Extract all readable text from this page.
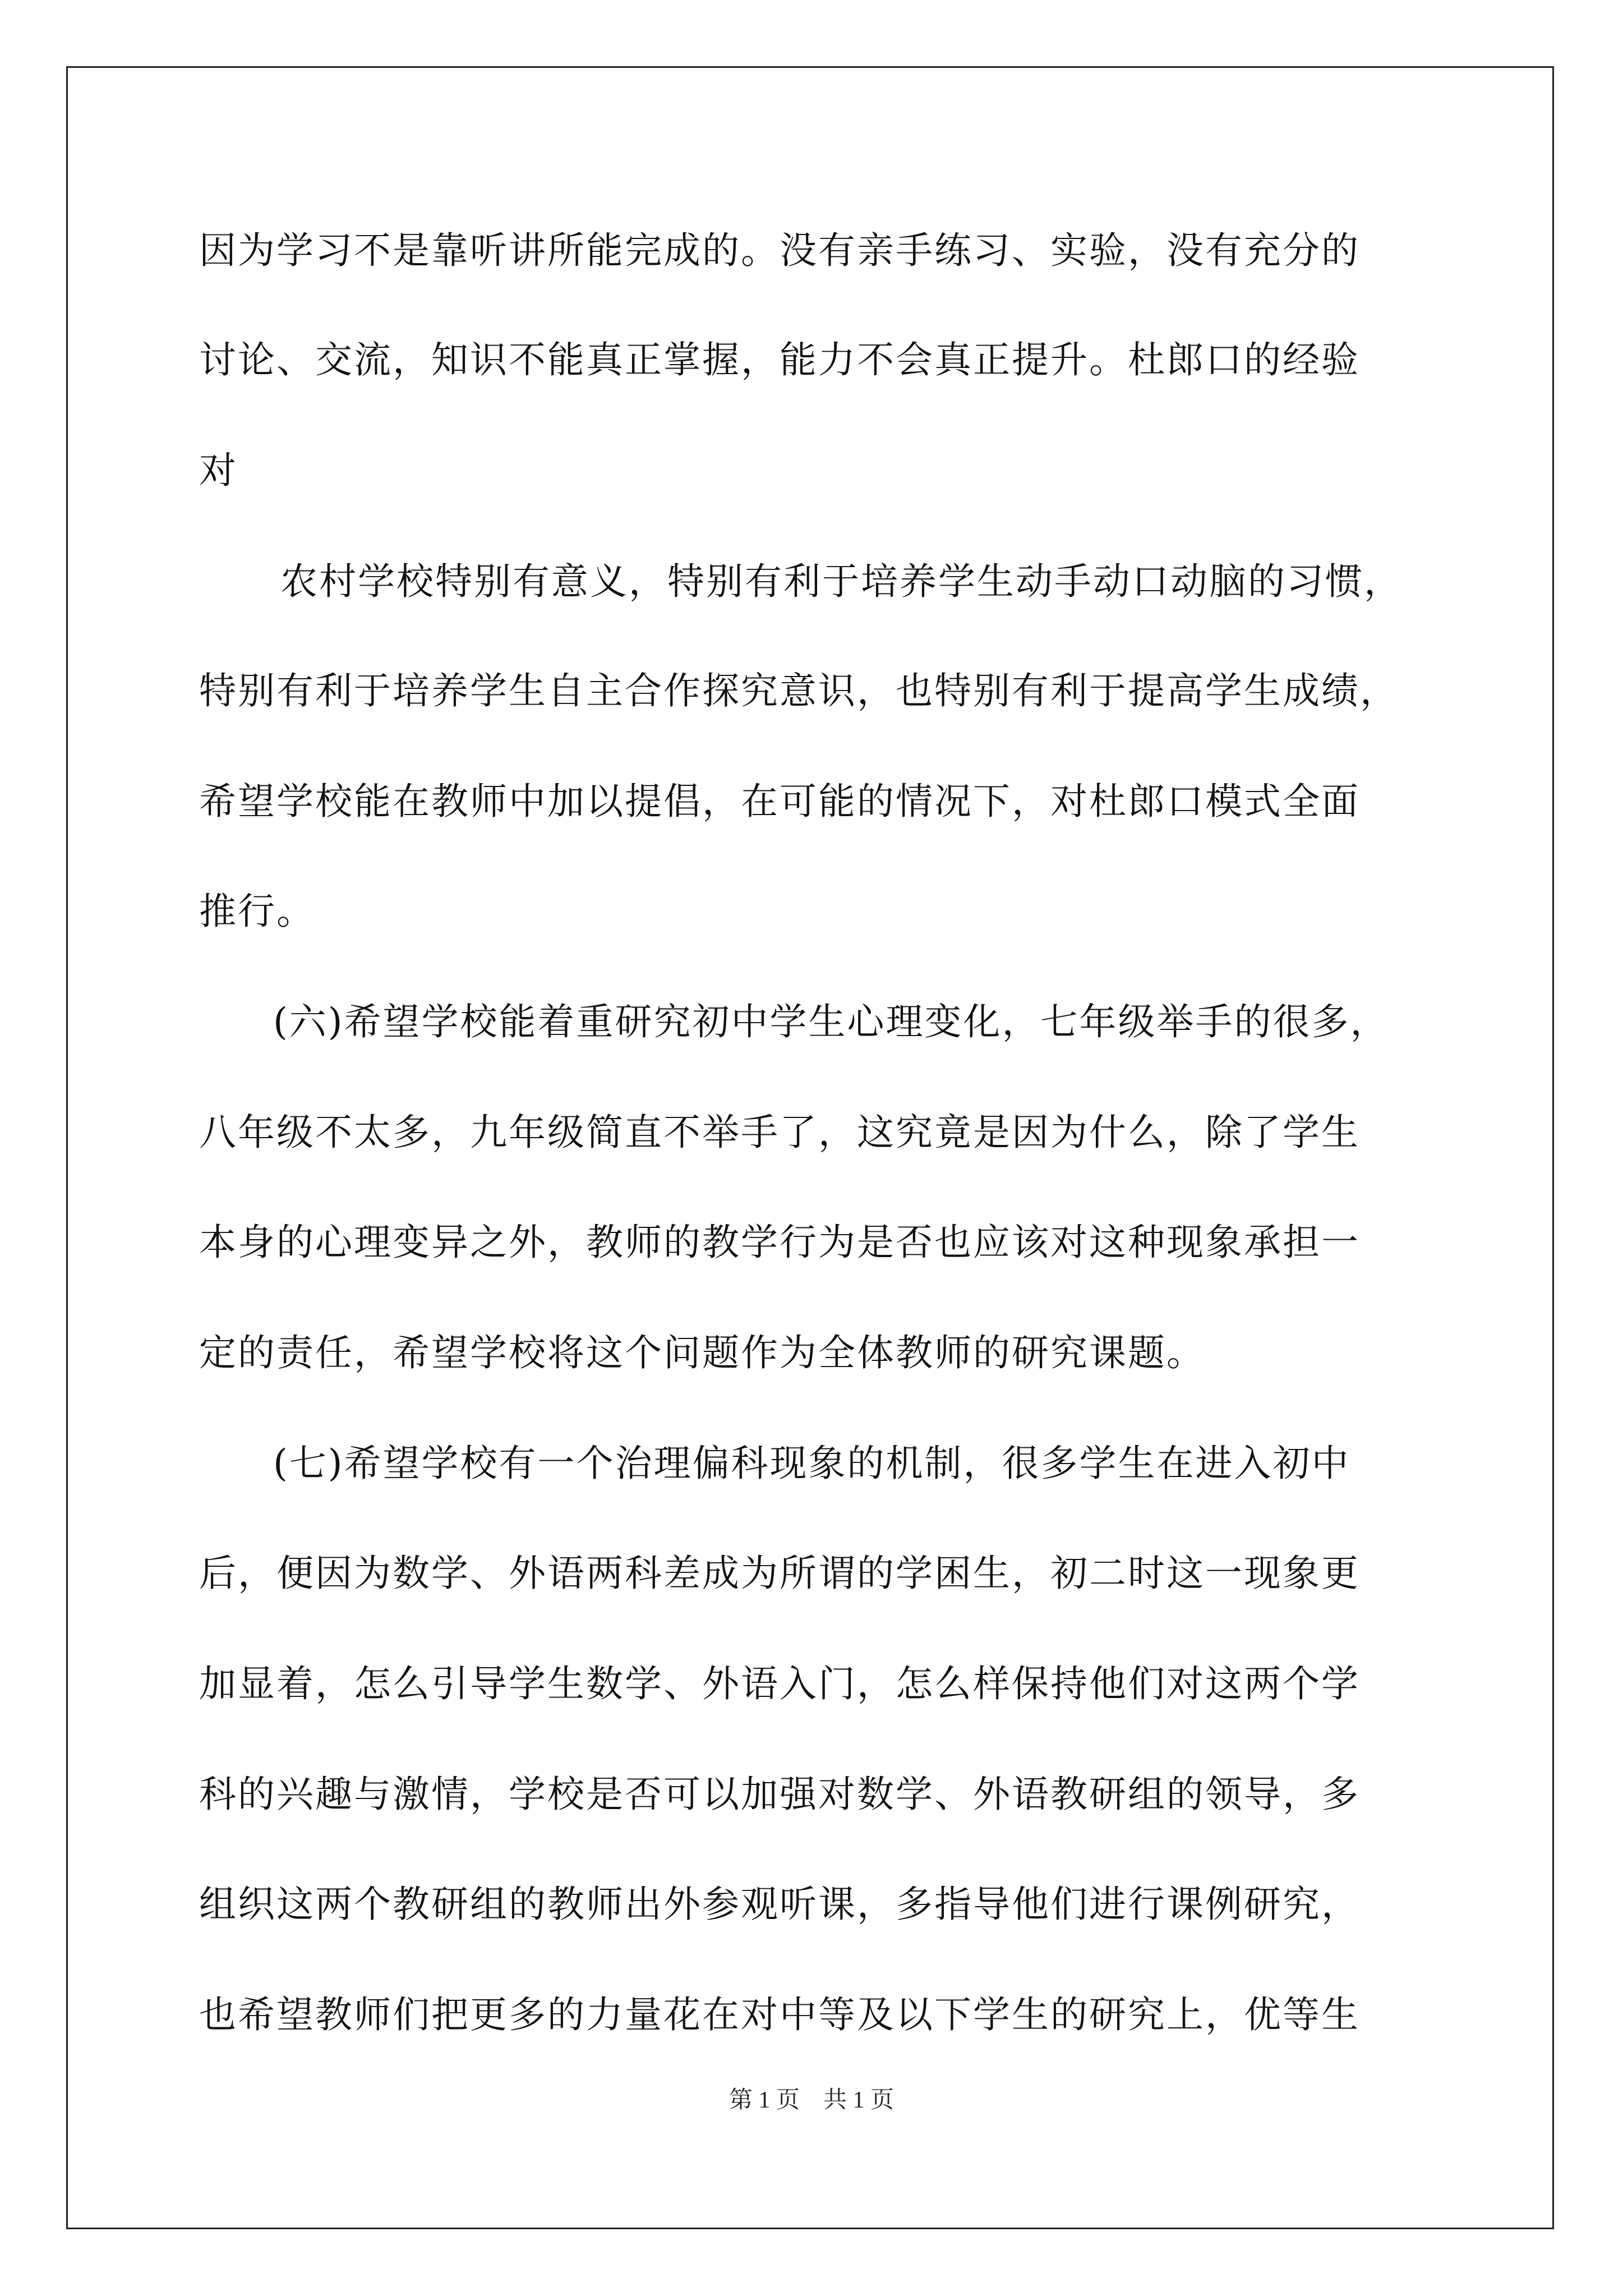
因为学习不是靠听讲所能完成的。没有亲手练习、实验，没有充分的
讨论、交流，知识不能真正掌握，能力不会真正提升。杜郎口的经验
对
农村学校特别有意义，特别有利于培养学生动手动口动脑的习惯，
特别有利于培养学生自主合作探究意识，也特别有利于提高学生成绩，
希望学校能在教师中加以提倡，在可能的情况下，对杜郎口模式全面
推行。
(六)希望学校能着重研究初中学生心理变化，七年级举手的很多，
八年级不太多，九年级简直不举手了，这究竟是因为什么，除了学生
本身的心理变异之外，教师的教学行为是否也应该对这种现象承担一
定的责任，希望学校将这个问题作为全体教师的研究课题。
(七)希望学校有一个治理偏科现象的机制，很多学生在进入初中
后，便因为数学、外语两科差成为所谓的学困生，初二时这一现象更
加显着，怎么引导学生数学、外语入门，怎么样保持他们对这两个学
科的兴趣与激情，学校是否可以加强对数学、外语教研组的领导，多
组织这两个教研组的教师出外参观听课，多指导他们进行课例研究，
也希望教师们把更多的力量花在对中等及以下学生的研究上，优等生
第 1 页　共 1 页
